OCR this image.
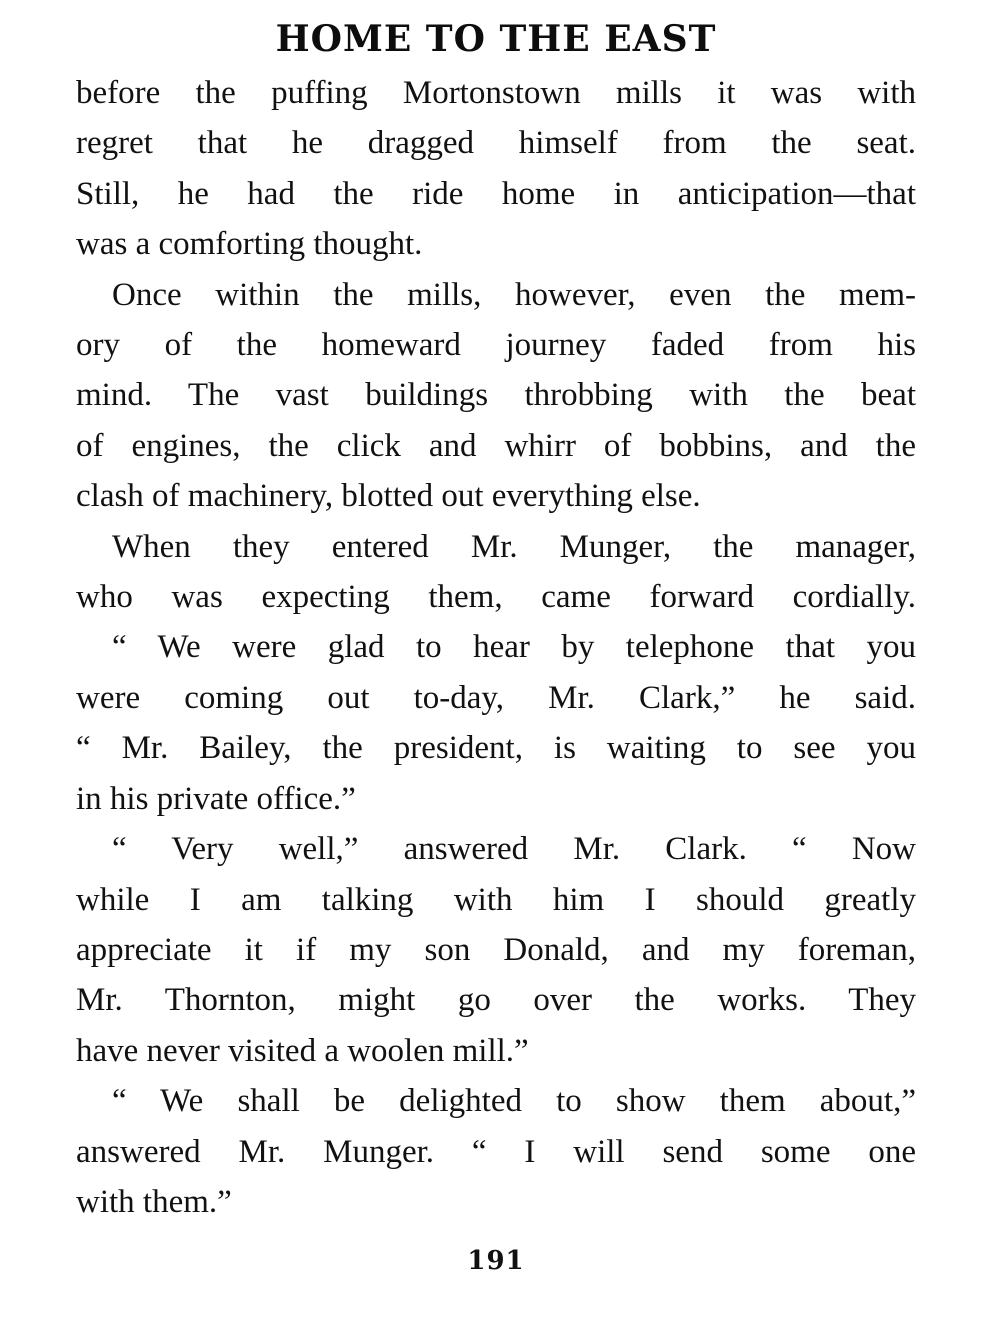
HOME TO THE EAST

before the puffing Mortonstown mills it was with
regret that he dragged himself from the seat.
Still, he had the ride home in anticipation—that
was a comforting thought.

Once within the mills, however, even the mem-
ory of the homeward journey faded from his
mind. The vast buildings throbbing with the beat
of engines, the click and whirr of bobbins, and the
clash of machinery, blotted out everything else.

When they entered Mr. Munger, the manager,
who was expecting them, came forward cordially.

“ We were glad to hear by telephone that you
were coming out to-day, Mr. Clark,” he said.
“ Mr. Bailey, the president, is waiting to see you
in his private office.”

“ Very well,” answered Mr. Clark. “ Now
while I am talking with him I should greatly
appreciate it if my son Donald, and my foreman,
Mr. Thornton, might go over the works. They
have never visited a woolen mill.”

“ We shall be delighted to show them about,”
answered Mr. Munger. “ I will send some one
with them.”

191
